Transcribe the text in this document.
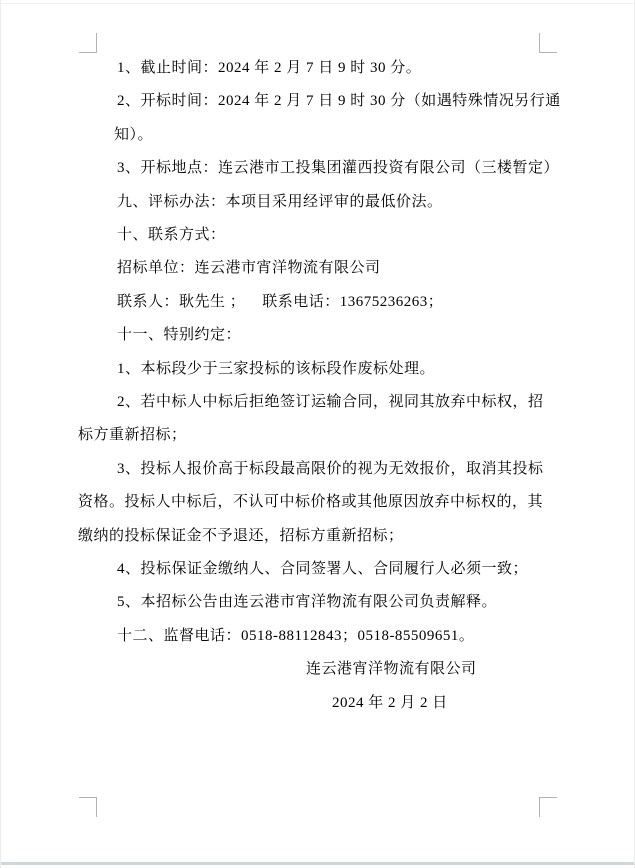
1、截止时间：2024 年 2 月 7 日 9 时 30 分。
2、开标时间：2024 年 2 月 7 日 9 时 30 分（如遇特殊情况另行通
知）。
3、开标地点：连云港市工投集团灌西投资有限公司（三楼暂定）
九、评标办法：本项目采用经评审的最低价法。
十、联系方式：
招标单位：连云港市宵洋物流有限公司
联系人：耿先生 ；    联系电话：13675236263；
十一、特别约定：
1、本标段少于三家投标的该标段作废标处理。
2、若中标人中标后拒绝签订运输合同，视同其放弃中标权，招
标方重新招标；
3、投标人报价高于标段最高限价的视为无效报价，取消其投标
资格。投标人中标后，不认可中标价格或其他原因放弃中标权的，其
缴纳的投标保证金不予退还，招标方重新招标；
4、投标保证金缴纳人、合同签署人、合同履行人必须一致；
5、本招标公告由连云港市宵洋物流有限公司负责解释。
十二、监督电话：0518-88112843；0518-85509651。
连云港宵洋物流有限公司
2024 年 2 月 2 日
